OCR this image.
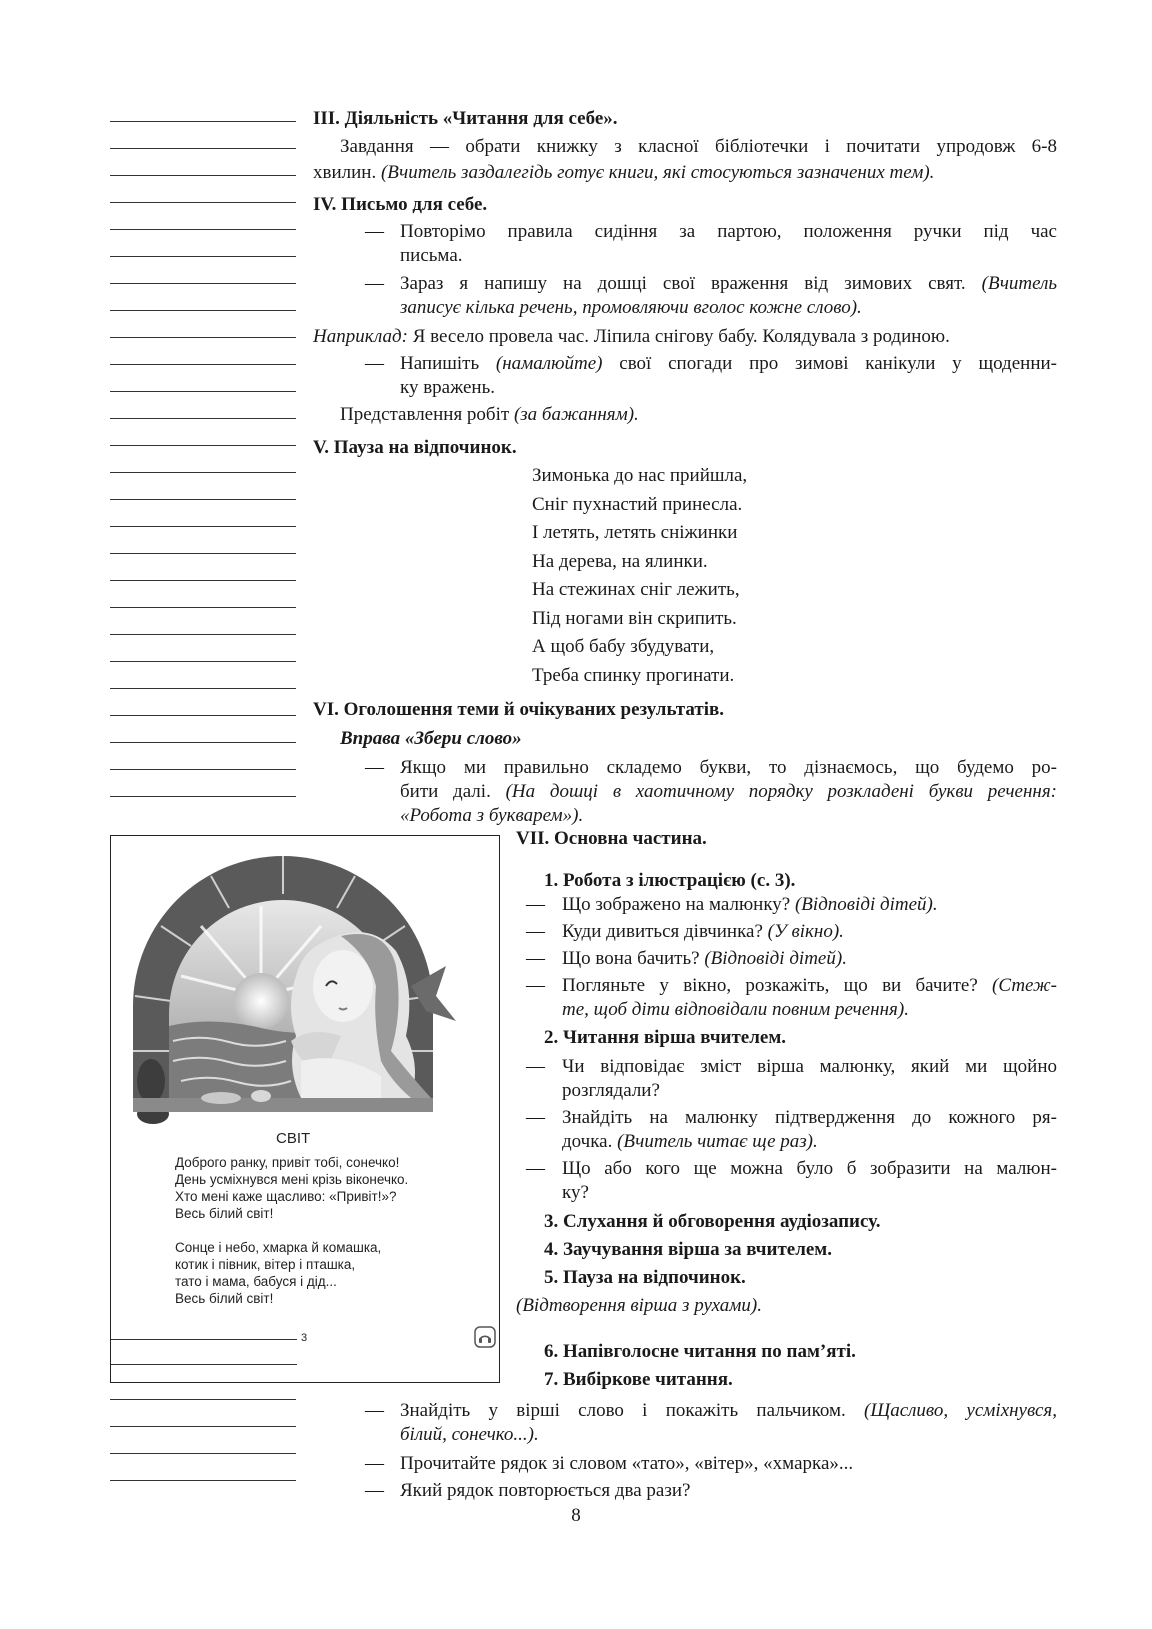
III. Діяльність «Читання для себе».
Завдання — обрати книжку з класної бібліотечки і почитати упродовж 6-8
хвилин. (Вчитель заздалегідь готує книги, які стосуються зазначених тем).
IV. Письмо для себе.
— Повторімо правила сидіння за партою, положення ручки під час
письма.
— Зараз я напишу на дошці свої враження від зимових свят. (Вчитель
записує кілька речень, промовляючи вголос кожне слово).
Наприклад: Я весело провела час. Ліпила снігову бабу. Колядувала з родиною.
— Напишіть (намалюйте) свої спогади про зимові канікули у щоденни-
ку вражень.
Представлення робіт (за бажанням).
V. Пауза на відпочинок.
Зимонька до нас прийшла,
Сніг пухнастий принесла.
І летять, летять сніжинки
На дерева, на ялинки.
На стежинах сніг лежить,
Під ногами він скрипить.
А щоб бабу збудувати,
Треба спинку прогинати.
VI. Оголошення теми й очікуваних результатів.
Вправа «Збери слово»
— Якщо ми правильно складемо букви, то дізнаємось, що будемо ро-
бити далі. (На дошці в хаотичному порядку розкладені букви речення:
«Робота з букварем»).
СВІТ
Доброго ранку, привіт тобі, сонечко!
День усміхнувся мені крізь віконечко.
Хто мені каже щасливо: «Привіт!»?
Весь білий світ!
Сонце і небо, хмарка й комашка,
котик і півник, вітер і пташка,
тато і мама, бабуся і дід...
Весь білий світ!
3
VII. Основна частина.
1. Робота з ілюстрацією (с. 3).
— Що зображено на малюнку? (Відповіді дітей).
— Куди дивиться дівчинка? (У вікно).
— Що вона бачить? (Відповіді дітей).
— Погляньте у вікно, розкажіть, що ви бачите? (Стеж-
те, щоб діти відповідали повним речення).
2. Читання вірша вчителем.
— Чи відповідає зміст вірша малюнку, який ми щойно
розглядали?
— Знайдіть на малюнку підтвердження до кожного ря-
дочка. (Вчитель читає ще раз).
— Що або кого ще можна було б зобразити на малюн-
ку?
3. Слухання й обговорення аудіозапису.
4. Заучування вірша за вчителем.
5. Пауза на відпочинок.
(Відтворення вірша з рухами).
6. Напівголосне читання по пам’яті.
7. Вибіркове читання.
— Знайдіть у вірші слово і покажіть пальчиком. (Щасливо, усміхнувся,
білий, сонечко...).
— Прочитайте рядок зі словом «тато», «вітер», «хмарка»...
— Який рядок повторюється два рази?
8
